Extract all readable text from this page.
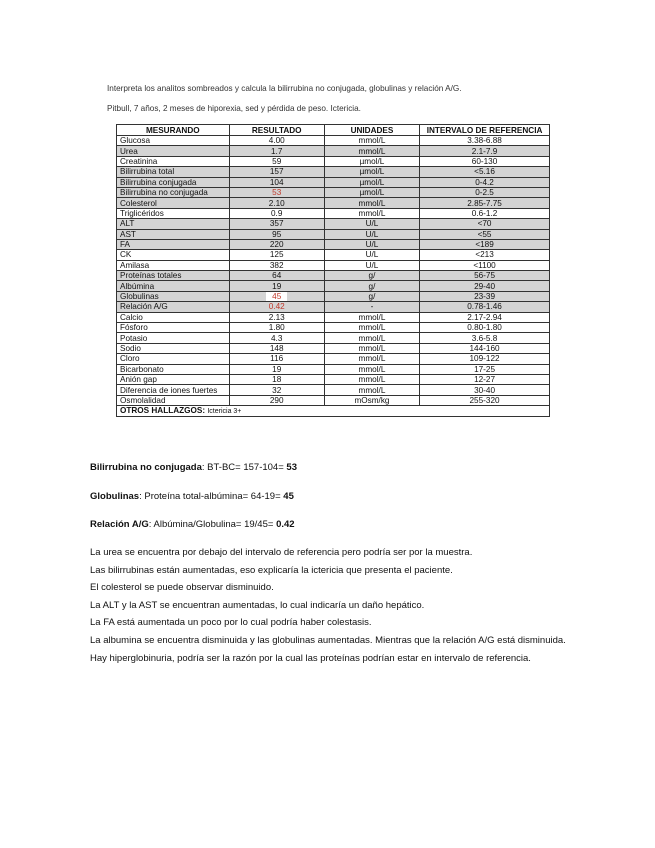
Interpreta los analitos sombreados y calcula la bilirrubina no conjugada, globulinas y relación A/G.
Pitbull, 7 años, 2 meses de hiporexia, sed y pérdida de peso. Ictericia.
MESURANDO	RESULTADO	UNIDADES	INTERVALO DE REFERENCIA
Glucosa	4.00	mmol/L	3.38-6.88
Urea	1.7	mmol/L	2.1-7.9
Creatinina	59	µmol/L	60-130
Bilirrubina total	157	µmol/L	<5.16
Bilirrubina conjugada	104	µmol/L	0-4.2
Bilirrubina no conjugada	53	µmol/L	0-2.5
Colesterol	2.10	mmol/L	2.85-7.75
Triglicéridos	0.9	mmol/L	0.6-1.2
ALT	357	U/L	<70
AST	95	U/L	<55
FA	220	U/L	<189
CK	125	U/L	<213
Amilasa	382	U/L	<1100
Proteínas totales	64	g/	56-75
Albúmina	19	g/	29-40
Globulinas	45	g/	23-39
Relación A/G	0.42	-	0.78-1.46
Calcio	2.13	mmol/L	2.17-2.94
Fósforo	1.80	mmol/L	0.80-1.80
Potasio	4.3	mmol/L	3.6-5.8
Sodio	148	mmol/L	144-160
Cloro	116	mmol/L	109-122
Bicarbonato	19	mmol/L	17-25
Anión gap	18	mmol/L	12-27
Diferencia de iones fuertes	32	mmol/L	30-40
Osmolalidad	290	mOsm/kg	255-320
OTROS HALLAZGOS: Ictericia 3+			
Bilirrubina no conjugada: BT-BC= 157-104= 53
Globulinas: Proteína total-albúmina= 64-19= 45
Relación A/G: Albúmina/Globulina= 19/45= 0.42

La urea se encuentra por debajo del intervalo de referencia pero podría ser por la muestra.

Las bilirrubinas están aumentadas, eso explicaría la ictericia que presenta el paciente.

El colesterol se puede observar disminuido.

La ALT y la AST se encuentran aumentadas, lo cual indicaría un daño hepático.

La FA está aumentada un poco por lo cual podría haber colestasis.

La albumina se encuentra disminuida y las globulinas aumentadas. Mientras que la relación A/G está disminuida.

Hay hiperglobinuria, podría ser la razón por la cual las proteínas podrían estar en intervalo de referencia.
